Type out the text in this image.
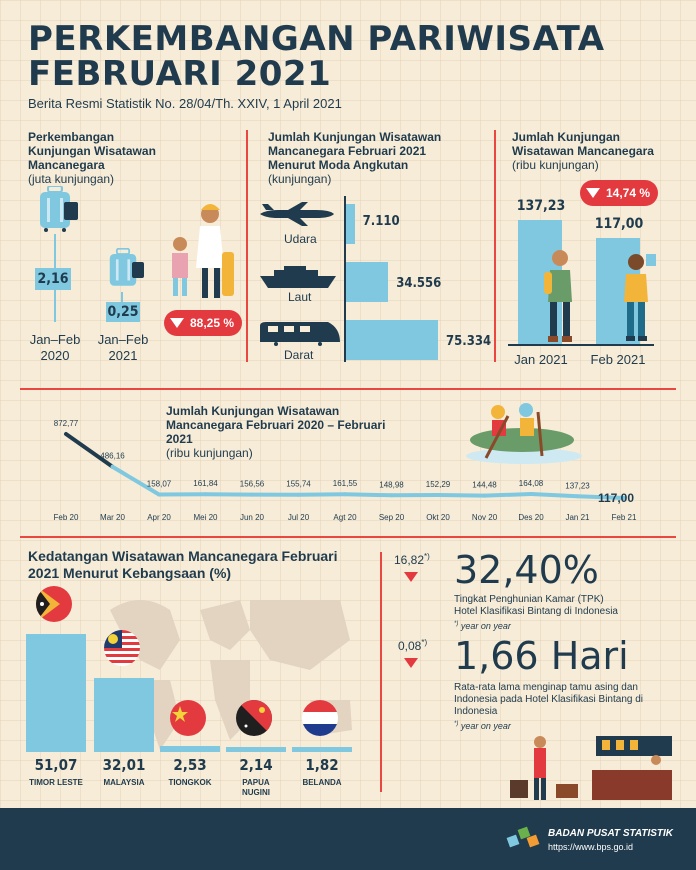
PERKEMBANGAN PARIWISATA
FEBRUARI 2021
Berita Resmi Statistik No. 28/04/Th. XXIV, 1 April 2021
Perkembangan Kunjungan Wisatawan Mancanegara
(juta kunjungan)
2,16
Jan–Feb
2020
0,25
Jan–Feb
2021
88,25 %
Jumlah Kunjungan Wisatawan Mancanegara Februari 2021 Menurut Moda Angkutan
(kunjungan)
Udara
7.110
Laut
34.556
Darat
75.334
Jumlah Kunjungan Wisatawan Mancanegara
(ribu kunjungan)
137,23
Jan 2021
117,00
Feb 2021
14,74 %
Jumlah Kunjungan Wisatawan Mancanegara Februari 2020 – Februari 2021
(ribu kunjungan)
872,77
Feb 20
486,16
Mar 20
158,07
Apr 20
161,84
Mei 20
156,56
Jun 20
155,74
Jul 20
161,55
Agt 20
148,98
Sep 20
152,29
Okt 20
144,48
Nov 20
164,08
Des 20
137,23
Jan 21
117,00
Feb 21
Kedatangan Wisatawan Mancanegara Februari 2021 Menurut Kebangsaan (%)
51,07
TIMOR LESTE
32,01
MALAYSIA
2,53
TIONGKOK
2,14
PAPUA NUGINI
1,82
BELANDA
16,82*) 32,40%
Tingkat Penghunian Kamar (TPK)
Hotel Klasifikasi Bintang di Indonesia
*) year on year
0,08*) 1,66 Hari
Rata-rata lama menginap tamu asing dan
Indonesia pada Hotel Klasifikasi Bintang di
Indonesia
*) year on year
BADAN PUSAT STATISTIK
https://www.bps.go.id
